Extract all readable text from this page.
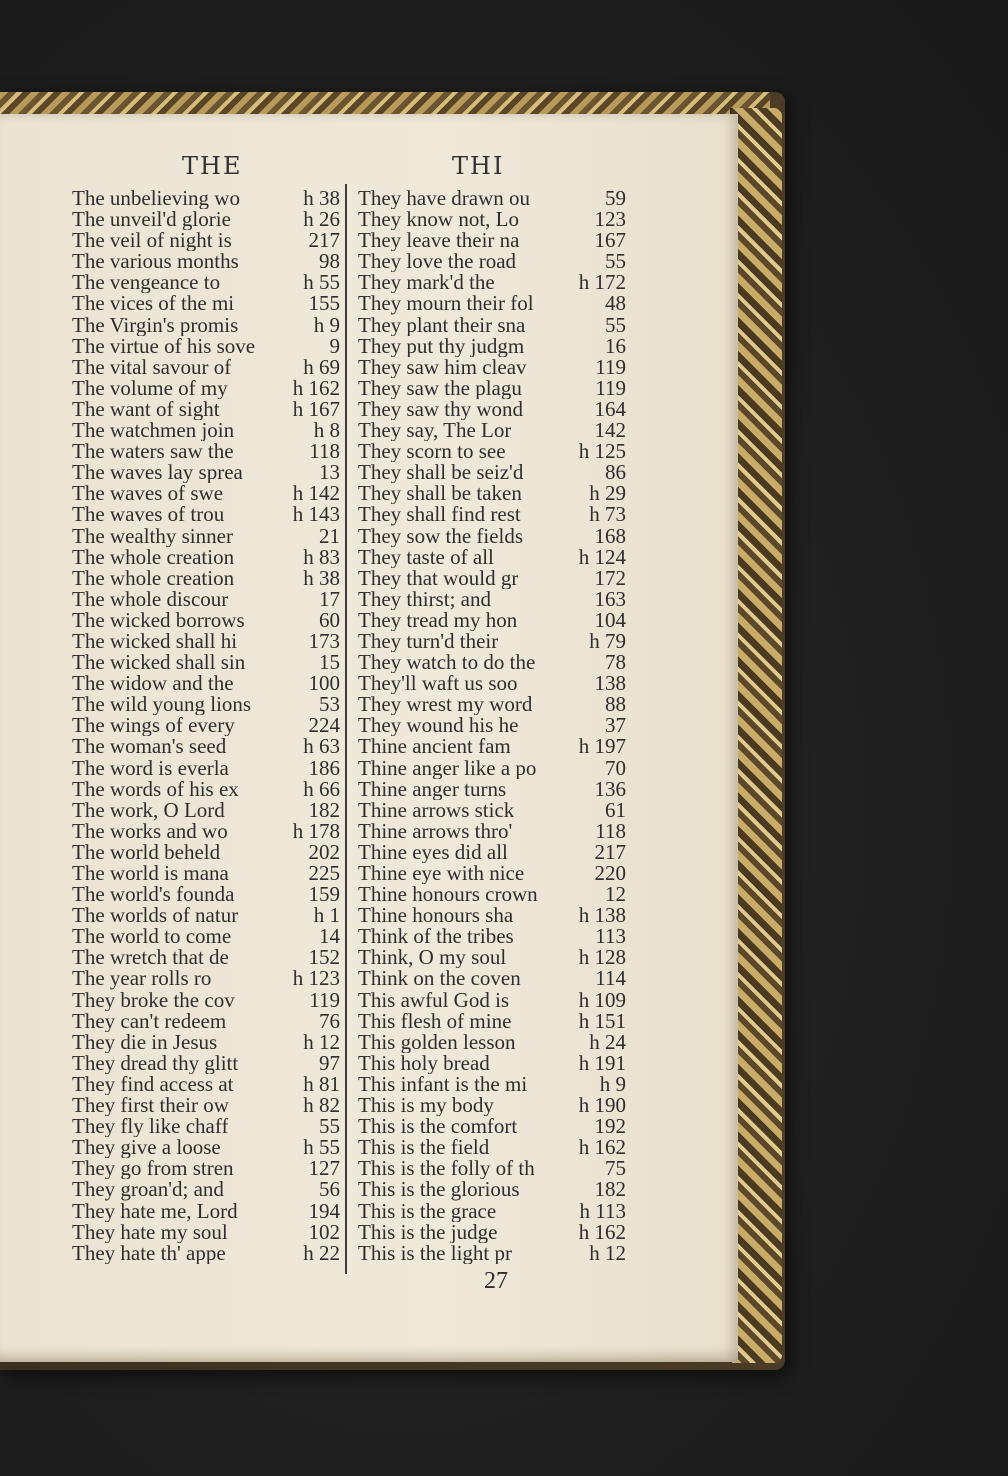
THE	THI
The unbelieving wo	h 38
The unveil'd glorie	h 26
The veil of night is	217
The various months	98
The vengeance to	h 55
The vices of the mi	155
The Virgin's promis	h 9
The virtue of his sove	9
The vital savour of	h 69
The volume of my	h 162
The want of sight	h 167
The watchmen join	h 8
The waters saw the	118
The waves lay sprea	13
The waves of swe	h 142
The waves of trou	h 143
The wealthy sinner	21
The whole creation	h 83
The whole creation	h 38
The whole discour	17
The wicked borrows	60
The wicked shall hi	173
The wicked shall sin	15
The widow and the	100
The wild young lions	53
The wings of every	224
The woman's seed	h 63
The word is everla	186
The words of his ex	h 66
The work, O Lord	182
The works and wo	h 178
The world beheld	202
The world is mana	225
The world's founda	159
The worlds of natur	h 1
The world to come	14
The wretch that de	152
The year rolls ro	h 123
They broke the cov	119
They can't redeem	76
They die in Jesus	h 12
They dread thy glitt	97
They find access at	h 81
They first their ow	h 82
They fly like chaff	55
They give a loose	h 55
They go from stren	127
They groan'd; and	56
They hate me, Lord	194
They hate my soul	102
They hate th' appe	h 22
They have drawn ou	59
They know not, Lo	123
They leave their na	167
They love the road	55
They mark'd the	h 172
They mourn their fol	48
They plant their sna	55
They put thy judgm	16
They saw him cleav	119
They saw the plagu	119
They saw thy wond	164
They say, The Lor	142
They scorn to see	h 125
They shall be seiz'd	86
They shall be taken	h 29
They shall find rest	h 73
They sow the fields	168
They taste of all	h 124
They that would gr	172
They thirst; and	163
They tread my hon	104
They turn'd their	h 79
They watch to do the	78
They'll waft us soo	138
They wrest my word	88
They wound his he	37
Thine ancient fam	h 197
Thine anger like a po	70
Thine anger turns	136
Thine arrows stick	61
Thine arrows thro'	118
Thine eyes did all	217
Thine eye with nice	220
Thine honours crown	12
Thine honours sha	h 138
Think of the tribes	113
Think, O my soul	h 128
Think on the coven	114
This awful God is	h 109
This flesh of mine	h 151
This golden lesson	h 24
This holy bread	h 191
This infant is the mi	h 9
This is my body	h 190
This is the comfort	192
This is the field	h 162
This is the folly of th	75
This is the glorious	182
This is the grace	h 113
This is the judge	h 162
This is the light pr	h 12
27
